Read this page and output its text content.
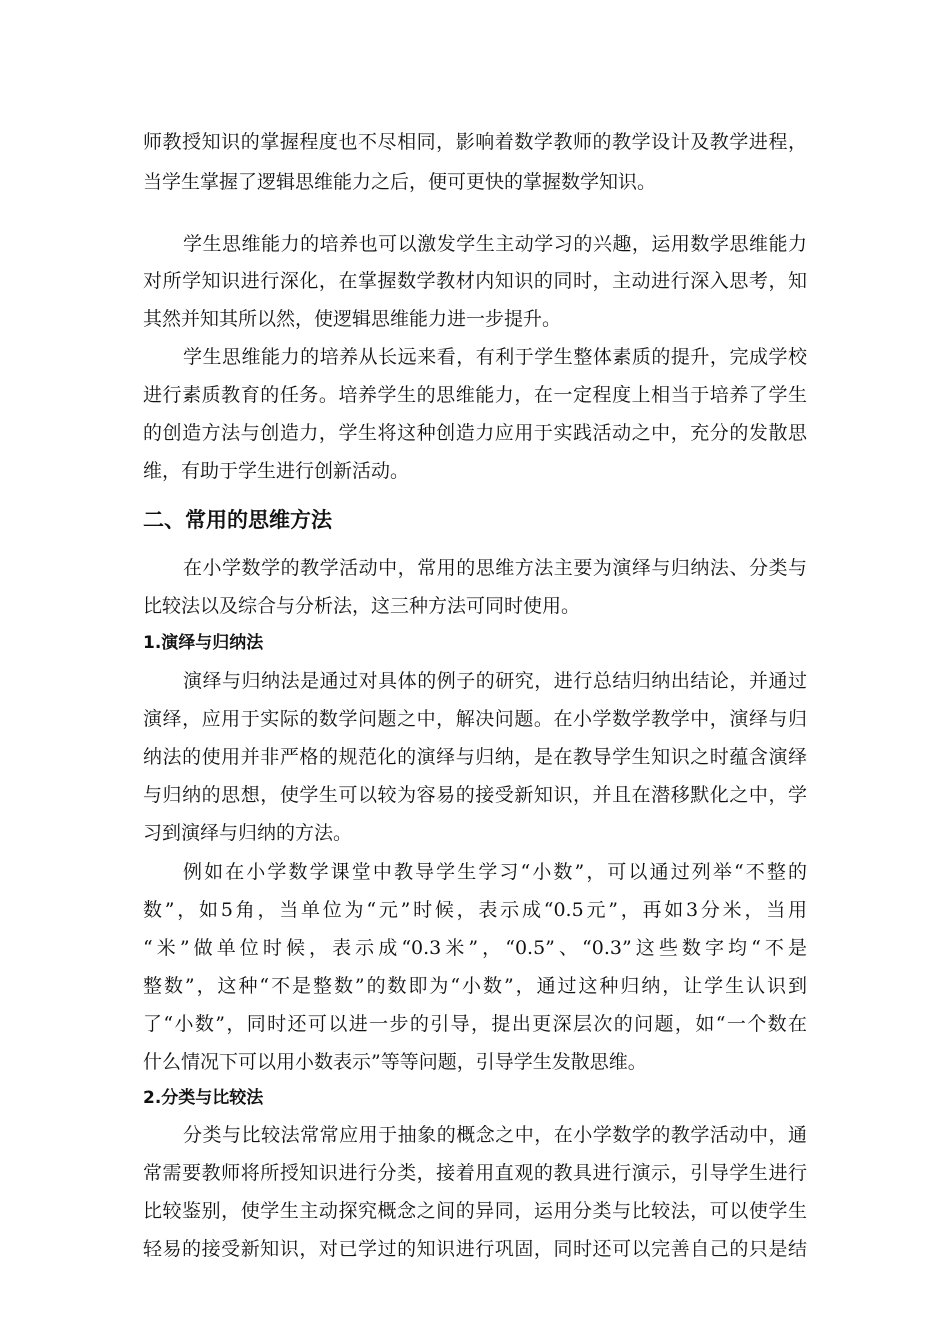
师教授知识的掌握程度也不尽相同，影响着数学教师的教学设计及教学进程，
当学生掌握了逻辑思维能力之后，便可更快的掌握数学知识。
学生思维能力的培养也可以激发学生主动学习的兴趣，运用数学思维能力
对所学知识进行深化，在掌握数学教材内知识的同时，主动进行深入思考，知
其然并知其所以然，使逻辑思维能力进一步提升。
学生思维能力的培养从长远来看，有利于学生整体素质的提升，完成学校
进行素质教育的任务。培养学生的思维能力，在一定程度上相当于培养了学生
的创造方法与创造力，学生将这种创造力应用于实践活动之中，充分的发散思
维，有助于学生进行创新活动。
二、常用的思维方法
在小学数学的教学活动中，常用的思维方法主要为演绎与归纳法、分类与
比较法以及综合与分析法，这三种方法可同时使用。
1.演绎与归纳法
演绎与归纳法是通过对具体的例子的研究，进行总结归纳出结论，并通过
演绎，应用于实际的数学问题之中，解决问题。在小学数学教学中，演绎与归
纳法的使用并非严格的规范化的演绎与归纳，是在教导学生知识之时蕴含演绎
与归纳的思想，使学生可以较为容易的接受新知识，并且在潜移默化之中，学
习到演绎与归纳的方法。
例如在小学数学课堂中教导学生学习“小数”，可以通过列举“不整的
数”，如5角，当单位为“元”时候，表示成“0.5元”，再如3分米，当用
“米”做单位时候，表示成“0.3米”，“0.5”、“0.3”这些数字均“不是
整数”，这种“不是整数”的数即为“小数”，通过这种归纳，让学生认识到
了“小数”，同时还可以进一步的引导，提出更深层次的问题，如“一个数在
什么情况下可以用小数表示”等等问题，引导学生发散思维。
2.分类与比较法
分类与比较法常常应用于抽象的概念之中，在小学数学的教学活动中，通
常需要教师将所授知识进行分类，接着用直观的教具进行演示，引导学生进行
比较鉴别，使学生主动探究概念之间的异同，运用分类与比较法，可以使学生
轻易的接受新知识，对已学过的知识进行巩固，同时还可以完善自己的只是结
